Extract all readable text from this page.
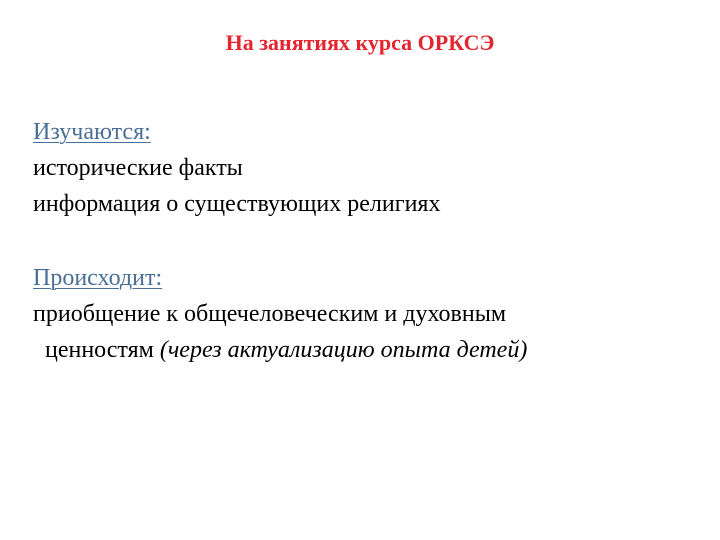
На занятиях курса ОРКСЭ
Изучаются:
исторические факты
информация о существующих религиях
Происходит:
приобщение к общечеловеческим и духовным
ценностям (через актуализацию опыта детей)
